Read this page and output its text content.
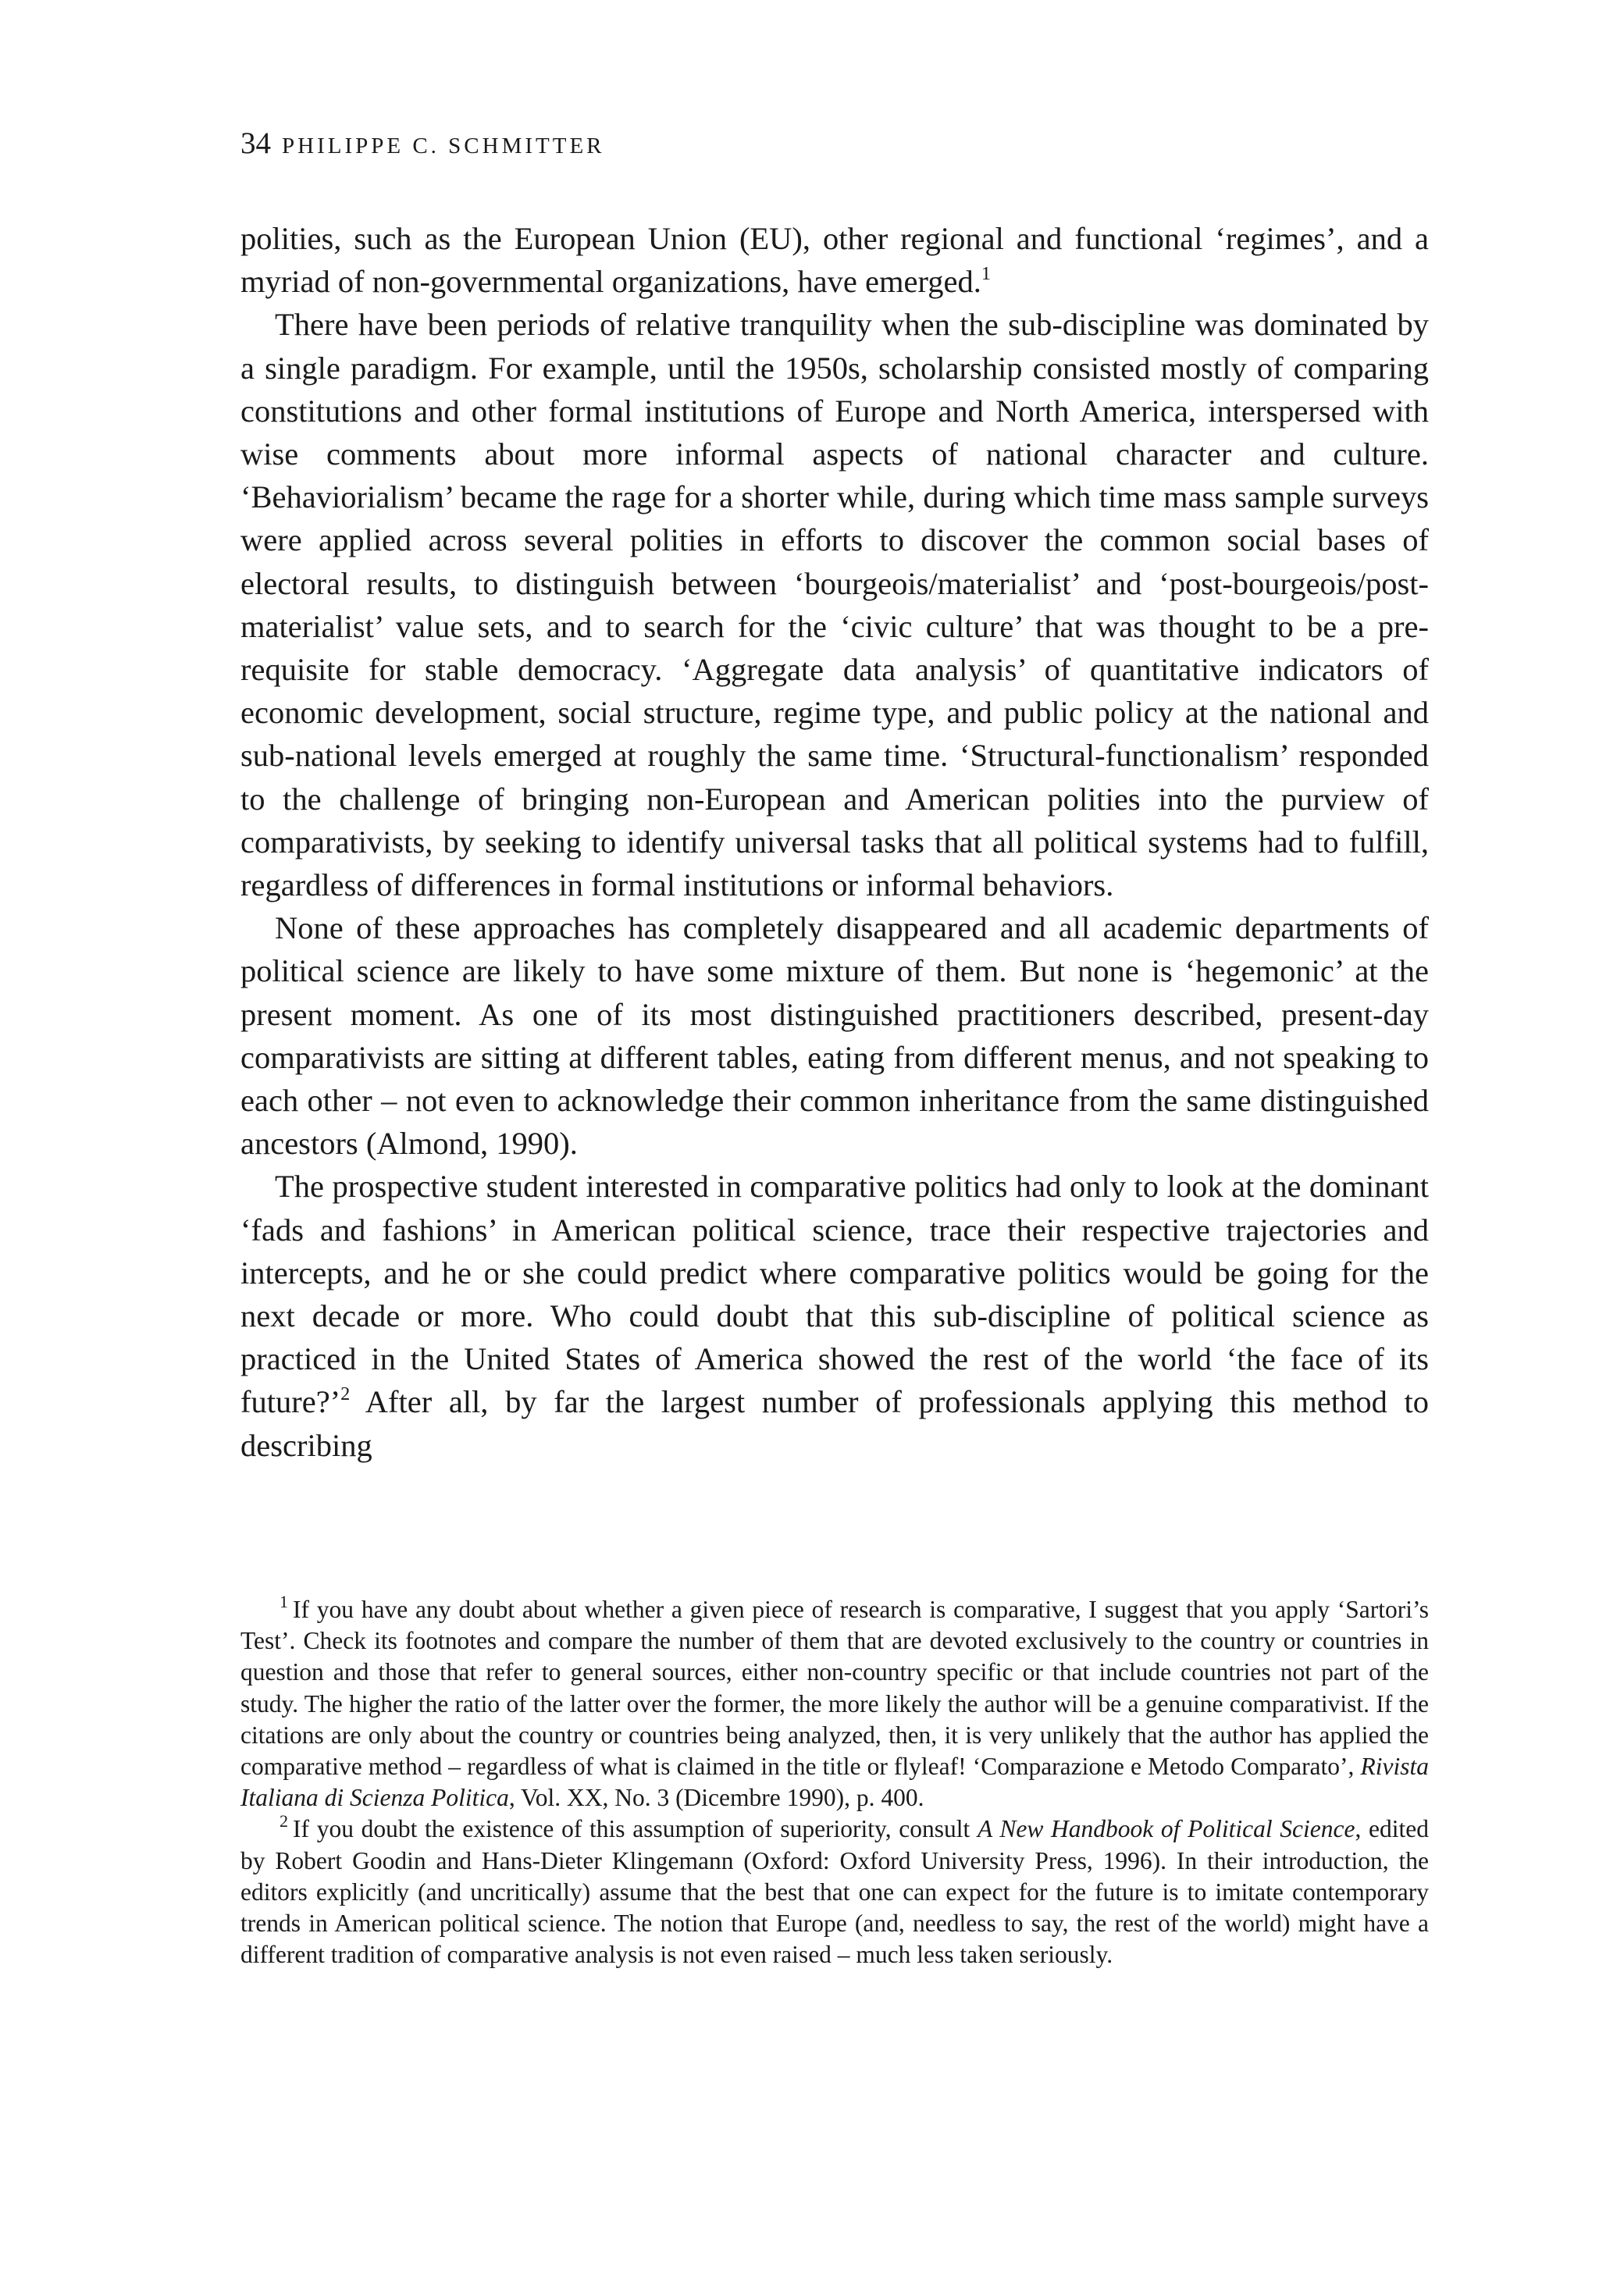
34 PHILIPPE C. SCHMITTER

polities, such as the European Union (EU), other regional and functional ‘regimes’, and a myriad of non-governmental organizations, have emerged.$^1$

There have been periods of relative tranquility when the sub-discipline was dominated by a single paradigm. For example, until the 1950s, scholarship consisted mostly of comparing constitutions and other formal institutions of Europe and North America, interspersed with wise comments about more informal aspects of national character and culture. ‘Behaviorialism’ became the rage for a shorter while, during which time mass sample surveys were applied across several polities in efforts to discover the common social bases of electoral results, to distinguish between ‘bourgeois/materialist’ and ‘post-bourgeois/post-materialist’ value sets, and to search for the ‘civic culture’ that was thought to be a pre-requisite for stable democracy. ‘Aggregate data analysis’ of quantitative indicators of economic development, social structure, regime type, and public policy at the national and sub-national levels emerged at roughly the same time. ‘Structural-functionalism’ responded to the challenge of bringing non-European and American polities into the purview of comparativists, by seeking to identify universal tasks that all political systems had to fulfill, regardless of differences in formal institutions or informal behaviors.

None of these approaches has completely disappeared and all academic departments of political science are likely to have some mixture of them. But none is ‘hegemonic’ at the present moment. As one of its most distinguished practitioners described, present-day comparativists are sitting at different tables, eating from different menus, and not speaking to each other – not even to acknowledge their common inheritance from the same distinguished ancestors (Almond, 1990).

The prospective student interested in comparative politics had only to look at the dominant ‘fads and fashions’ in American political science, trace their respective trajectories and intercepts, and he or she could predict where comparative politics would be going for the next decade or more. Who could doubt that this sub-discipline of political science as practiced in the United States of America showed the rest of the world ‘the face of its future?’$^2$ After all, by far the largest number of professionals applying this method to describing

$^1$ If you have any doubt about whether a given piece of research is comparative, I suggest that you apply ‘Sartori’s Test’. Check its footnotes and compare the number of them that are devoted exclusively to the country or countries in question and those that refer to general sources, either non-country specific or that include countries not part of the study. The higher the ratio of the latter over the former, the more likely the author will be a genuine comparativist. If the citations are only about the country or countries being analyzed, then, it is very unlikely that the author has applied the comparative method – regardless of what is claimed in the title or flyleaf! ‘Comparazione e Metodo Comparato’, Rivista Italiana di Scienza Politica, Vol. XX, No. 3 (Dicembre 1990), p. 400.

$^2$ If you doubt the existence of this assumption of superiority, consult A New Handbook of Political Science, edited by Robert Goodin and Hans-Dieter Klingemann (Oxford: Oxford University Press, 1996). In their introduction, the editors explicitly (and uncritically) assume that the best that one can expect for the future is to imitate contemporary trends in American political science. The notion that Europe (and, needless to say, the rest of the world) might have a different tradition of comparative analysis is not even raised – much less taken seriously.
